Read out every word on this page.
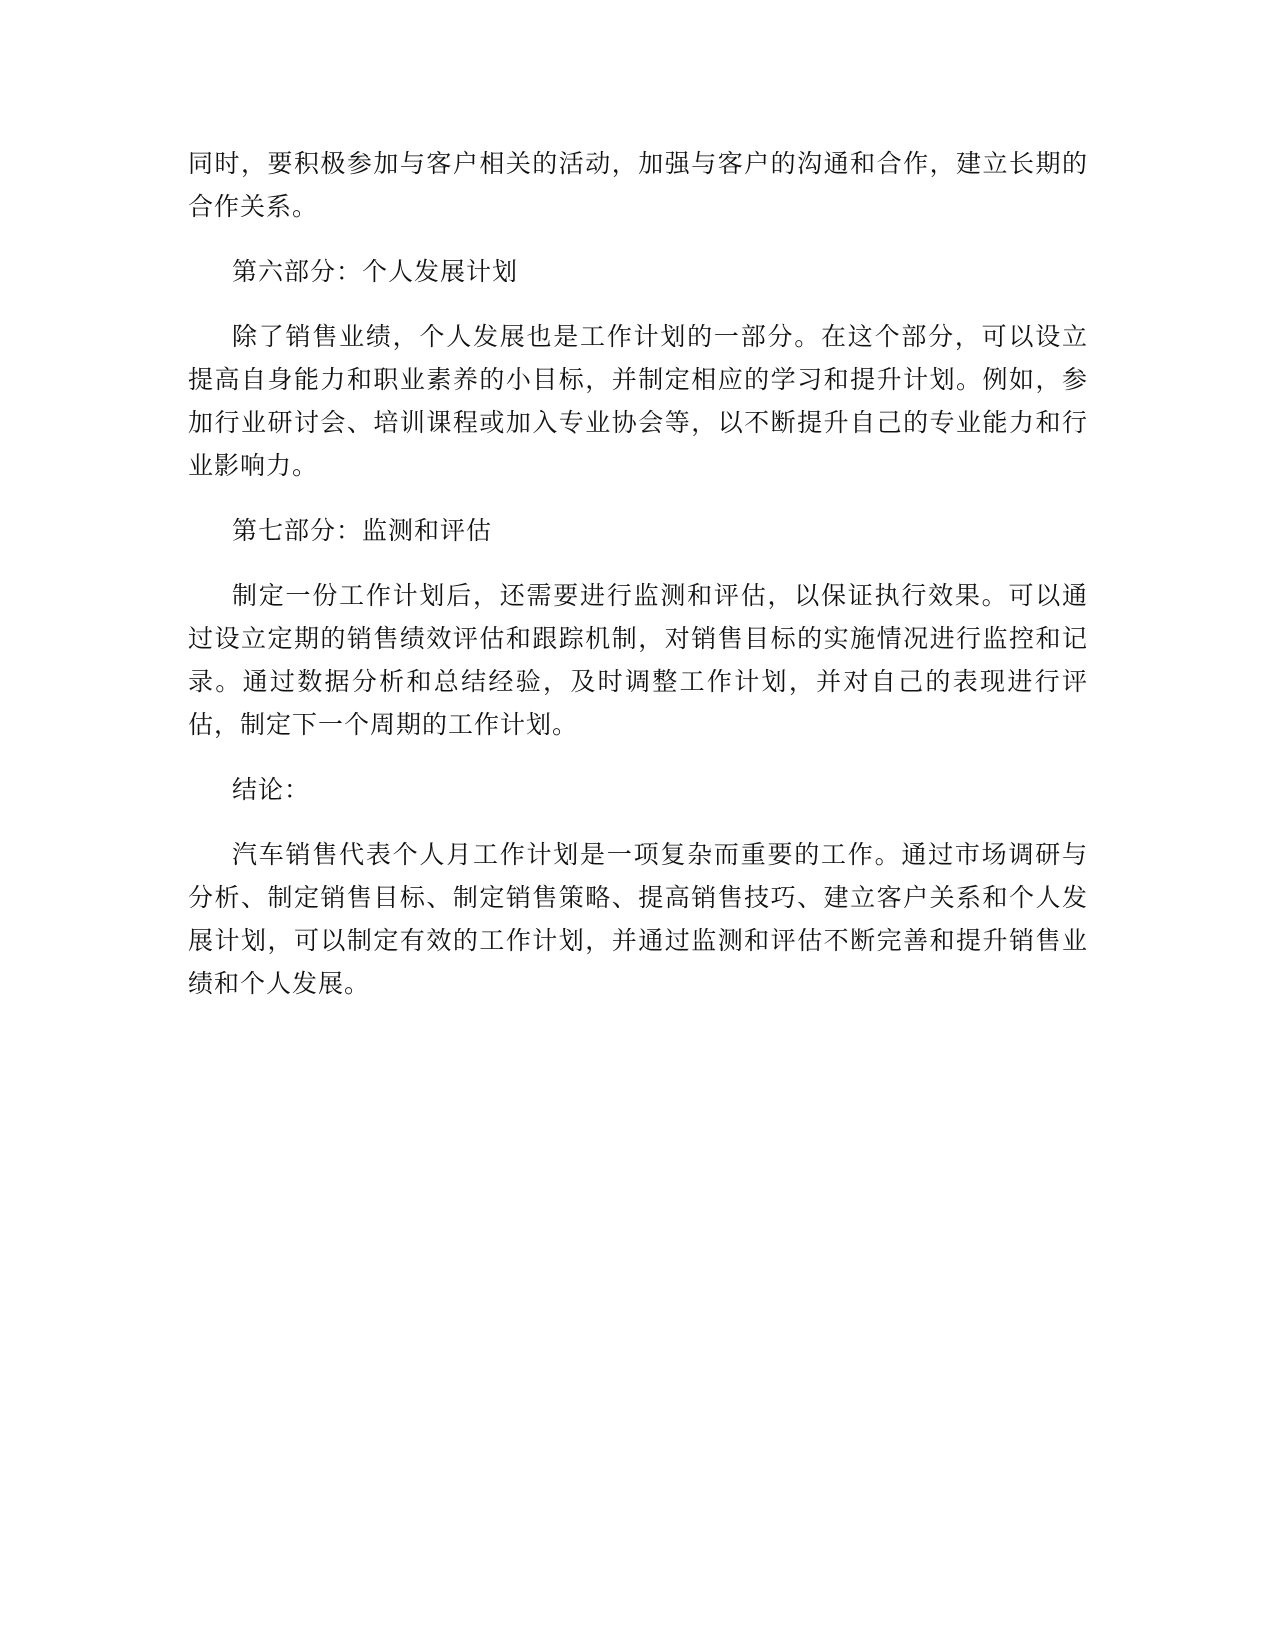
同时，要积极参加与客户相关的活动，加强与客户的沟通和合作，建立长期的合作关系。

第六部分：个人发展计划

除了销售业绩，个人发展也是工作计划的一部分。在这个部分，可以设立提高自身能力和职业素养的小目标，并制定相应的学习和提升计划。例如，参加行业研讨会、培训课程或加入专业协会等，以不断提升自己的专业能力和行业影响力。

第七部分：监测和评估

制定一份工作计划后，还需要进行监测和评估，以保证执行效果。可以通过设立定期的销售绩效评估和跟踪机制，对销售目标的实施情况进行监控和记录。通过数据分析和总结经验，及时调整工作计划，并对自己的表现进行评估，制定下一个周期的工作计划。

结论：

汽车销售代表个人月工作计划是一项复杂而重要的工作。通过市场调研与分析、制定销售目标、制定销售策略、提高销售技巧、建立客户关系和个人发展计划，可以制定有效的工作计划，并通过监测和评估不断完善和提升销售业绩和个人发展。
